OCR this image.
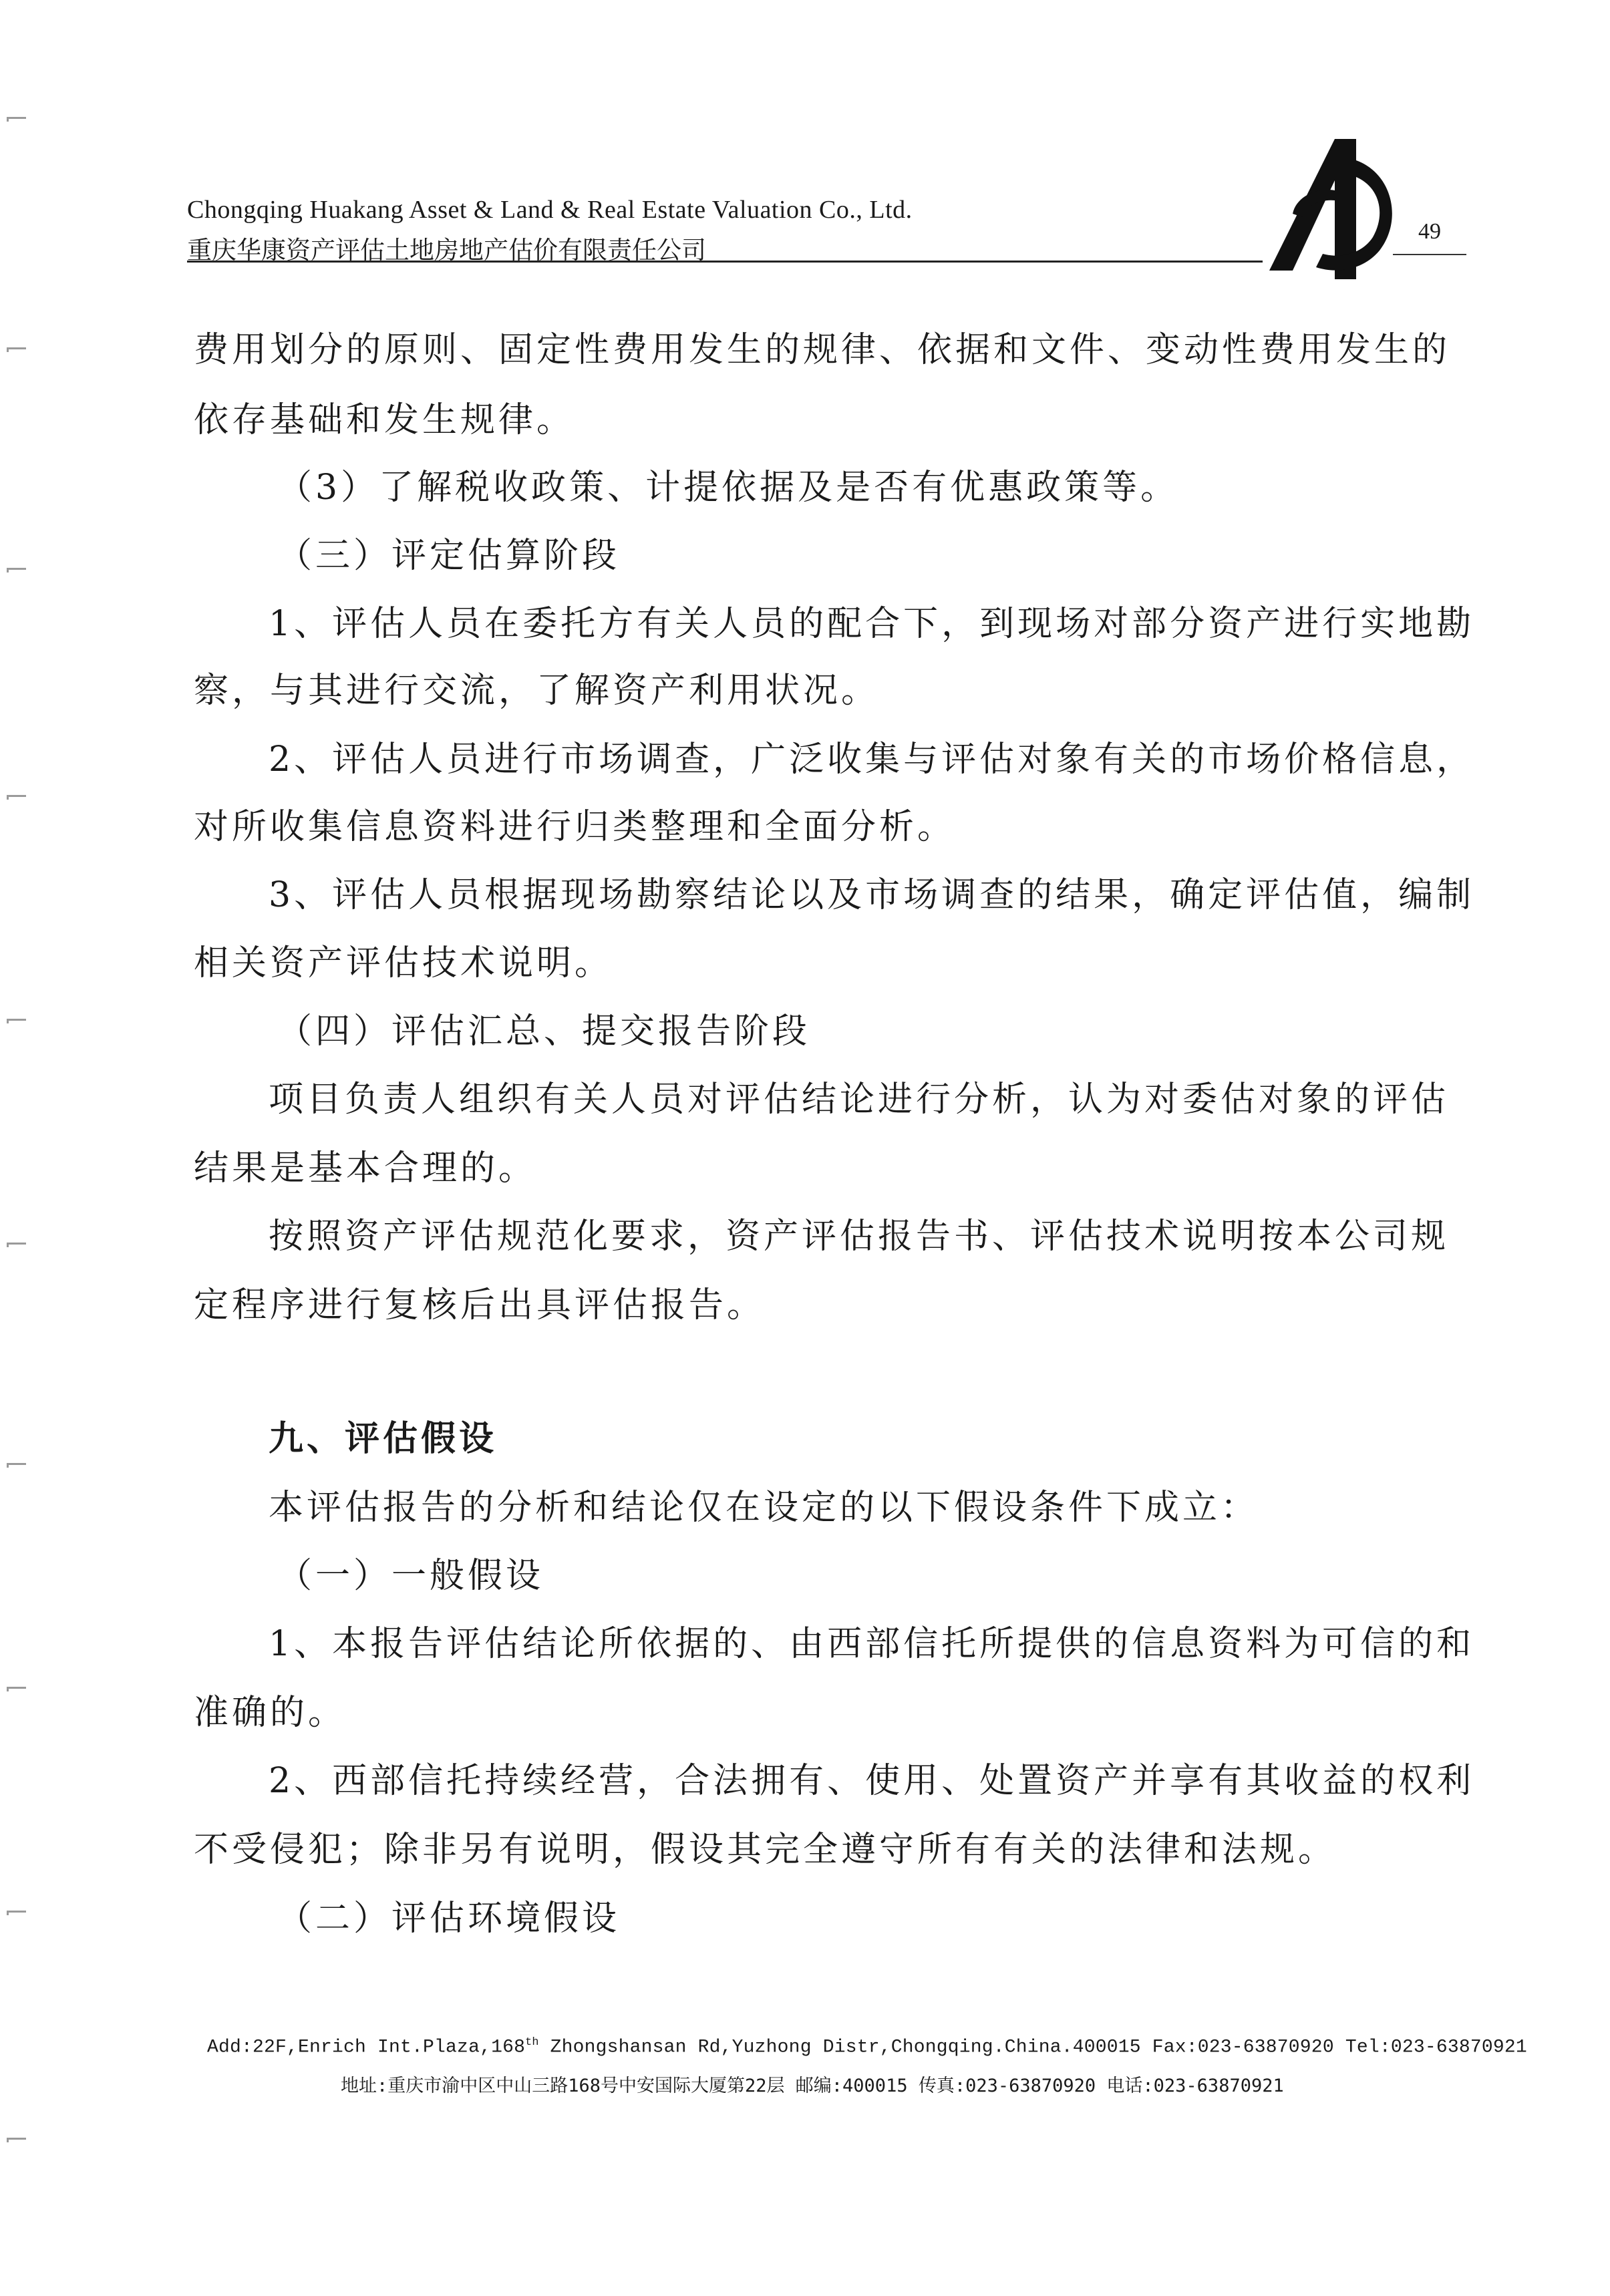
Chongqing Huakang Asset & Land & Real Estate Valuation Co., Ltd.
重庆华康资产评估土地房地产估价有限责任公司
49
费用划分的原则、固定性费用发生的规律、依据和文件、变动性费用发生的
依存基础和发生规律。
（3）了解税收政策、计提依据及是否有优惠政策等。
（三）评定估算阶段
1、评估人员在委托方有关人员的配合下，到现场对部分资产进行实地勘
察，与其进行交流，了解资产利用状况。
2、评估人员进行市场调查，广泛收集与评估对象有关的市场价格信息，
对所收集信息资料进行归类整理和全面分析。
3、评估人员根据现场勘察结论以及市场调查的结果，确定评估值，编制
相关资产评估技术说明。
（四）评估汇总、提交报告阶段
项目负责人组织有关人员对评估结论进行分析，认为对委估对象的评估
结果是基本合理的。
按照资产评估规范化要求，资产评估报告书、评估技术说明按本公司规
定程序进行复核后出具评估报告。
九、评估假设
本评估报告的分析和结论仅在设定的以下假设条件下成立：
（一）一般假设
1、本报告评估结论所依据的、由西部信托所提供的信息资料为可信的和
准确的。
2、西部信托持续经营，合法拥有、使用、处置资产并享有其收益的权利
不受侵犯；除非另有说明，假设其完全遵守所有有关的法律和法规。
（二）评估环境假设
Add:22F,Enrich Int.Plaza,168th Zhongshansan Rd,Yuzhong Distr,Chongqing.China.400015 Fax:023-63870920 Tel:023-63870921
地址:重庆市渝中区中山三路168号中安国际大厦第22层 邮编:400015 传真:023-63870920 电话:023-63870921
